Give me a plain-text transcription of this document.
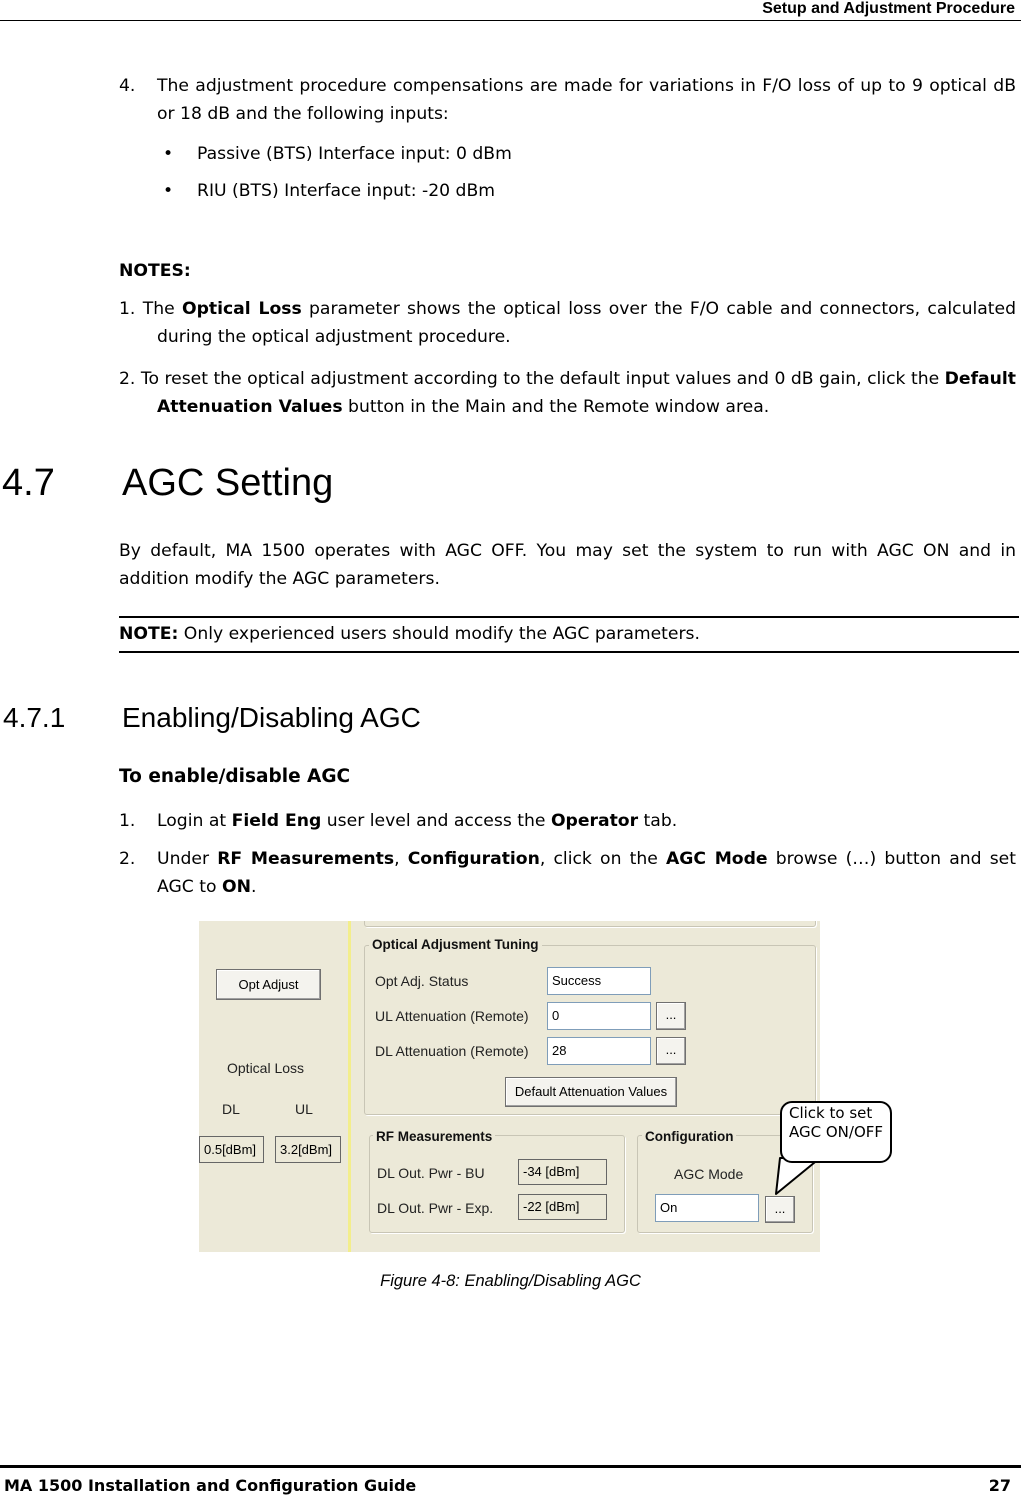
Setup and Adjustment Procedure
4. The adjustment procedure compensations are made for variations in F/O loss of up to 9 optical dB or 18 dB and the following inputs:
• Passive (BTS) Interface input: 0 dBm
• RIU (BTS) Interface input: -20 dBm
NOTES:
1. The Optical Loss parameter shows the optical loss over the F/O cable and connectors, calculated during the optical adjustment procedure.
2. To reset the optical adjustment according to the default input values and 0 dB gain, click the Default Attenuation Values button in the Main and the Remote window area.
4.7 AGC Setting
By default, MA 1500 operates with AGC OFF. You may set the system to run with AGC ON and in addition modify the AGC parameters.
NOTE: Only experienced users should modify the AGC parameters.
4.7.1 Enabling/Disabling AGC
To enable/disable AGC
1. Login at Field Eng user level and access the Operator tab.
2. Under RF Measurements, Configuration, click on the AGC Mode browse (…) button and set AGC to ON.
Opt Adjust
Optical Loss
DL	UL
0.5[dBm]	3.2[dBm]
Optical Adjusment Tuning
Opt Adj. Status	Success
UL Attenuation (Remote)	0	...
DL Attenuation (Remote)	28	...
Default Attenuation Values
RF Measurements
DL Out. Pwr - BU	-34 [dBm]
DL Out. Pwr - Exp.	-22 [dBm]
Configuration
AGC Mode
On	...
Click to set
AGC ON/OFF
Figure 4-8: Enabling/Disabling AGC
MA 1500 Installation and Configuration Guide	27
